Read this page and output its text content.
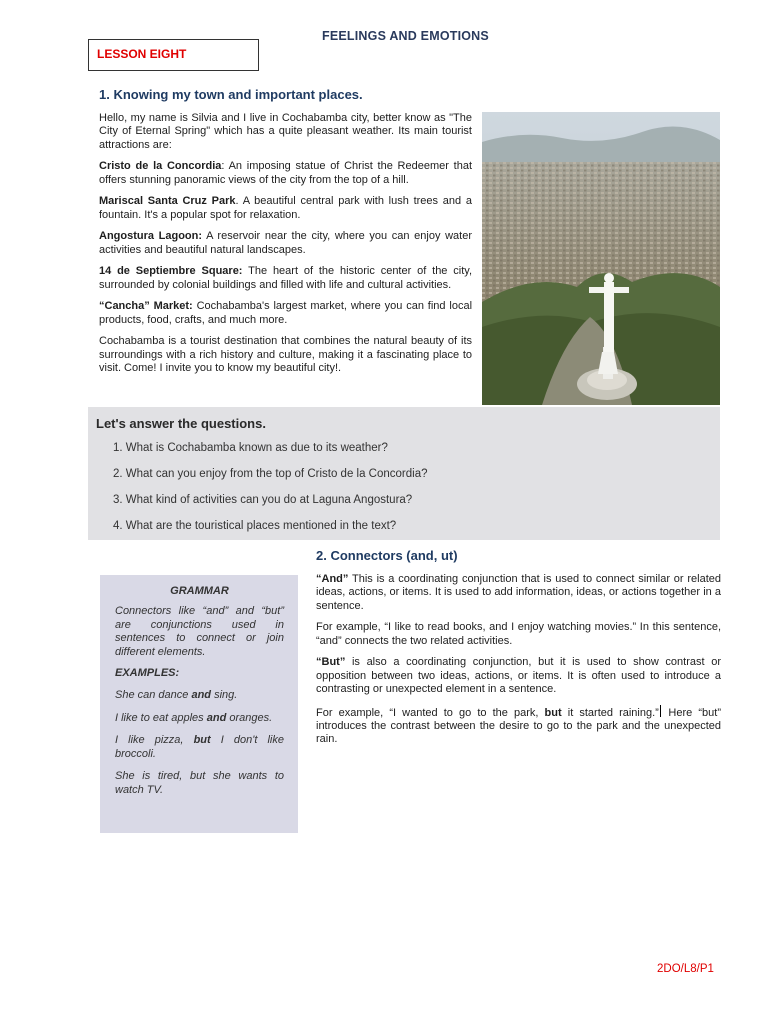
FEELINGS AND EMOTIONS
LESSON EIGHT
1. Knowing my town and important places.

Hello, my name is Silvia and I live in Cochabamba city, better know as "The City of Eternal Spring" which has a quite pleasant weather. Its main tourist attractions are:

Cristo de la Concordia: An imposing statue of Christ the Redeemer that offers stunning panoramic views of the city from the top of a hill.

Mariscal Santa Cruz Park. A beautiful central park with lush trees and a fountain. It's a popular spot for relaxation.

Angostura Lagoon: A reservoir near the city, where you can enjoy water activities and beautiful natural landscapes.

14 de Septiembre Square: The heart of the historic center of the city, surrounded by colonial buildings and filled with life and cultural activities.

“Cancha” Market: Cochabamba's largest market, where you can find local products, food, crafts, and much more.

Cochabamba is a tourist destination that combines the natural beauty of its surroundings with a rich history and culture, making it a fascinating place to visit. Come! I invite you to know my beautiful city!.

Let's answer the questions.
1. What is Cochabamba known as due to its weather?
2. What can you enjoy from the top of Cristo de la Concordia?
3. What kind of activities can you do at Laguna Angostura?
4. What are the touristical places mentioned in the text?
GRAMMAR

Connectors like “and” and “but” are conjunctions used in sentences to connect or join different elements.

EXAMPLES:

She can dance and sing.

I like to eat apples and oranges.

I like pizza, but I don't like broccoli.

She is tired, but she wants to watch TV.

2. Connectors (and, ut)

“And” This is a coordinating conjunction that is used to connect similar or related ideas, actions, or items. It is used to add information, ideas, or actions together in a sentence.

For example, “I like to read books, and I enjoy watching movies.” In this sentence, “and” connects the two related activities.

“But” is also a coordinating conjunction, but it is used to show contrast or opposition between two ideas, actions, or items. It is often used to introduce a contrasting or unexpected element in a sentence.

For example, “I wanted to go to the park, but it started raining.” Here “but” introduces the contrast between the desire to go to the park and the unexpected rain.

2DO/L8/P1
